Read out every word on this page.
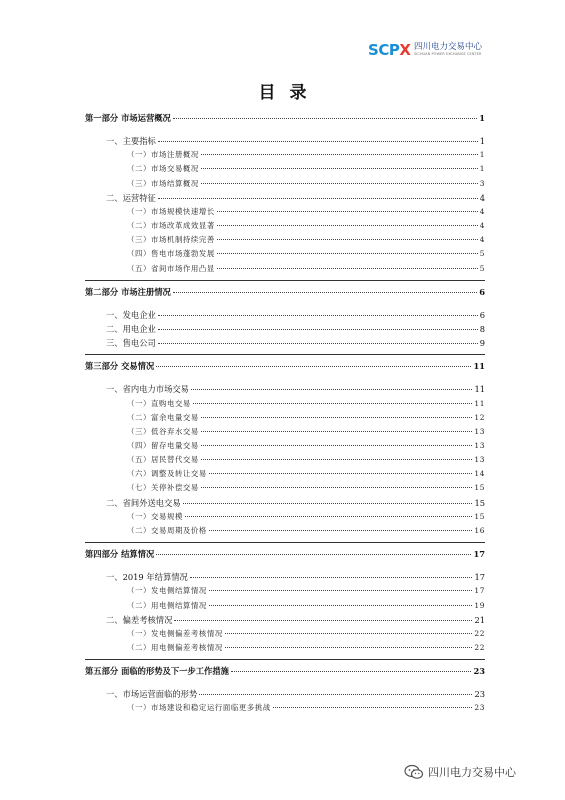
SCPX 四川电力交易中心
SICHUAN POWER EXCHANGE CENTER
目录
第一部分 市场运营概况	1
一、主要指标	1
（一）市场注册概况	1
（二）市场交易概况	1
（三）市场结算概况	3
二、运营特征	4
（一）市场规模快速增长	4
（二）市场改革成效显著	4
（三）市场机制持续完善	4
（四）售电市场蓬勃发展	5
（五）省间市场作用凸显	5
第二部分 市场注册情况	6
一、发电企业	6
二、用电企业	8
三、售电公司	9
第三部分 交易情况	11
一、省内电力市场交易	11
（一）直购电交易	11
（二）富余电量交易	12
（三）低谷弃水交易	13
（四）留存电量交易	13
（五）居民替代交易	13
（六）调整及转让交易	14
（七）关停补偿交易	15
二、省间外送电交易	15
（一）交易规模	15
（二）交易周期及价格	16
第四部分 结算情况	17
一、2019 年结算情况	17
（一）发电侧结算情况	17
（二）用电侧结算情况	19
二、偏差考核情况	21
（一）发电侧偏差考核情况	22
（二）用电侧偏差考核情况	22
第五部分 面临的形势及下一步工作措施	23
一、市场运营面临的形势	23
（一）市场建设和稳定运行面临更多挑战	23
四川电力交易中心
